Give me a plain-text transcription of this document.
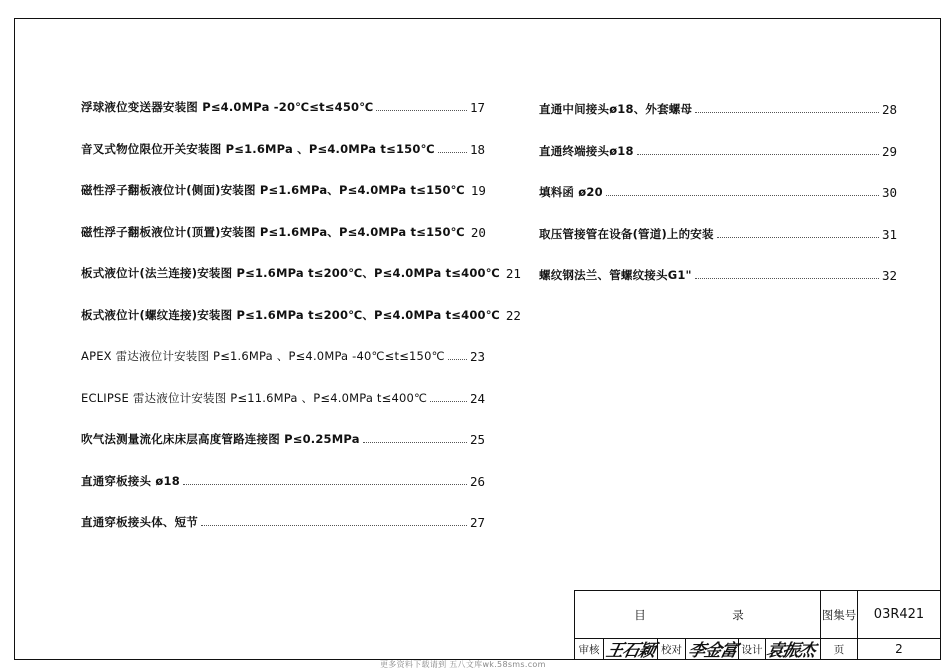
浮球液位变送器安装图 P≤4.0MPa -20℃≤t≤450℃	17
音叉式物位限位开关安装图 P≤1.6MPa 、P≤4.0MPa t≤150℃	18
磁性浮子翻板液位计(侧面)安装图 P≤1.6MPa、P≤4.0MPa t≤150℃ 19
磁性浮子翻板液位计(顶置)安装图 P≤1.6MPa、P≤4.0MPa t≤150℃ 20
板式液位计(法兰连接)安装图 P≤1.6MPa t≤200℃、P≤4.0MPa t≤400℃ 21
板式液位计(螺纹连接)安装图 P≤1.6MPa t≤200℃、P≤4.0MPa t≤400℃ 22
APEX 雷达液位计安装图 P≤1.6MPa 、P≤4.0MPa -40℃≤t≤150℃ 23
ECLIPSE 雷达液位计安装图 P≤11.6MPa 、P≤4.0MPa t≤400℃	24
吹气法测量流化床床层高度管路连接图 P≤0.25MPa	25
直通穿板接头 ø18	26
直通穿板接头体、短节	27
直通中间接头ø18、外套螺母	28
直通终端接头ø18	29
填料函 ø20	30
取压管接管在设备(管道)上的安装	31
螺纹钢法兰、管螺纹接头G1"	32
目	录	图集号	03R421
审核 王石颖 校对 李金富 设计 袁振杰	页	2
更多资料下载请到 五八文库wk.58sms.com
